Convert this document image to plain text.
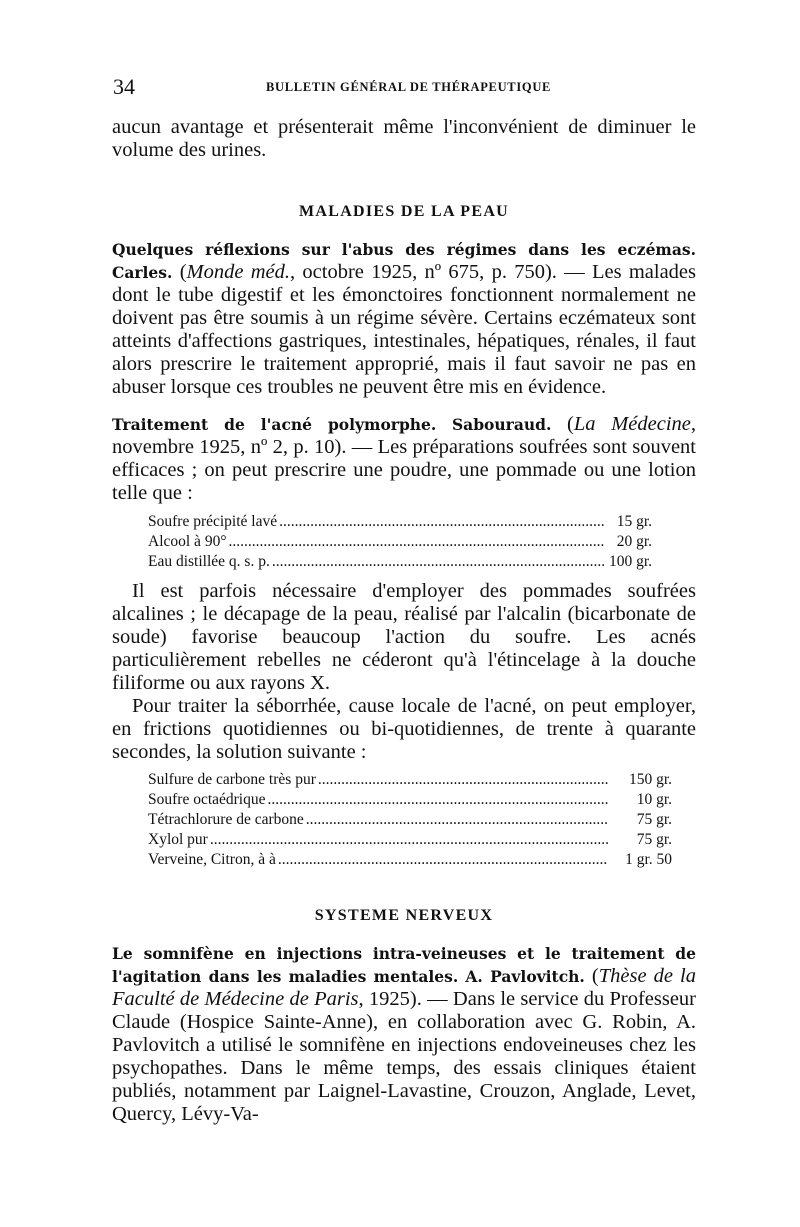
34	BULLETIN GÉNÉRAL DE THÉRAPEUTIQUE

aucun avantage et présenterait même l'inconvénient de diminuer le volume des urines.

MALADIES DE LA PEAU

Quelques réflexions sur l'abus des régimes dans les eczémas. Carles. (Monde méd., octobre 1925, nº 675, p. 750). — Les malades dont le tube digestif et les émonctoires fonctionnent normalement ne doivent pas être soumis à un régime sévère. Certains eczémateux sont atteints d'affections gastriques, intestinales, hépatiques, rénales, il faut alors prescrire le traitement approprié, mais il faut savoir ne pas en abuser lorsque ces troubles ne peuvent être mis en évidence.

Traitement de l'acné polymorphe. Sabouraud. (La Médecine, novembre 1925, nº 2, p. 10). — Les préparations soufrées sont souvent efficaces ; on peut prescrire une poudre, une pommade ou une lotion telle que :

Soufre précipité lavé .....	15 gr.
Alcool à 90° .....	20 gr.
Eau distillée q. s. p. .....	100 gr.

Il est parfois nécessaire d'employer des pommades soufrées alcalines ; le décapage de la peau, réalisé par l'alcalin (bicarbonate de soude) favorise beaucoup l'action du soufre. Les acnés particulièrement rebelles ne céderont qu'à l'étincelage à la douche filiforme ou aux rayons X.

Pour traiter la séborrhée, cause locale de l'acné, on peut employer, en frictions quotidiennes ou bi-quotidiennes, de trente à quarante secondes, la solution suivante :

Sulfure de carbone très pur .....	150 gr.
Soufre octaédrique .....	10 gr.
Tétrachlorure de carbone .....	75 gr.
Xylol pur .....	75 gr.
Verveine, Citron, à à .....	1 gr. 50
SYSTEME NERVEUX

Le somnifène en injections intra-veineuses et le traitement de l'agitation dans les maladies mentales. A. Pavlovitch. (Thèse de la Faculté de Médecine de Paris, 1925). — Dans le service du Professeur Claude (Hospice Sainte-Anne), en collaboration avec G. Robin, A. Pavlovitch a utilisé le somnifène en injections endoveineuses chez les psychopathes. Dans le même temps, des essais cliniques étaient publiés, notamment par Laignel-Lavastine, Crouzon, Anglade, Levet, Quercy, Lévy-Va-
